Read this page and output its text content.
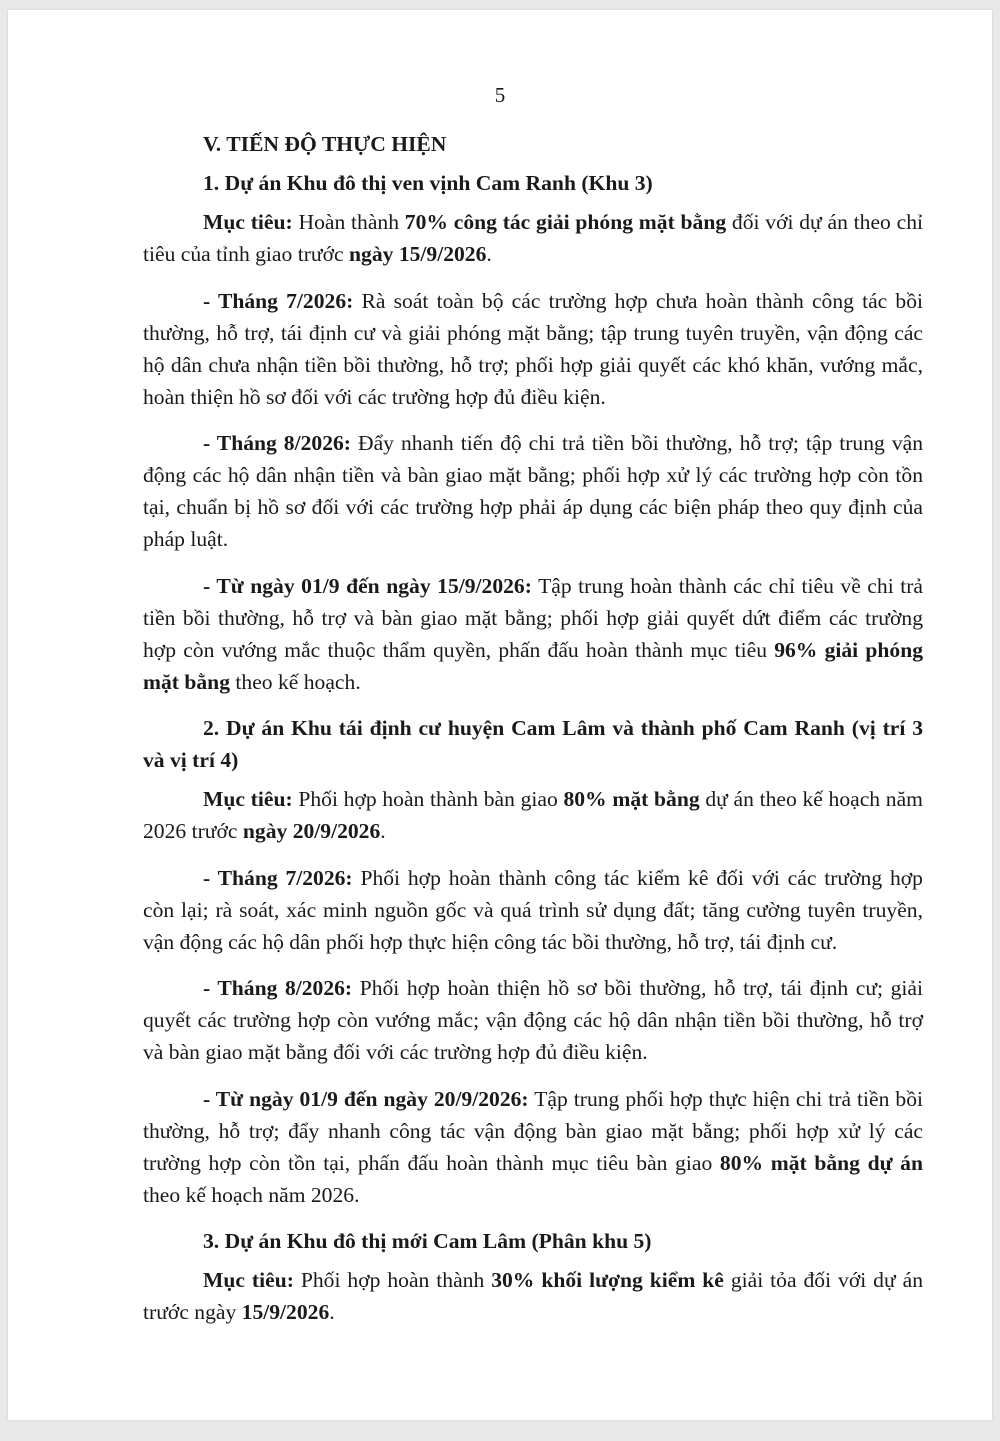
5

V. TIẾN ĐỘ THỰC HIỆN

1. Dự án Khu đô thị ven vịnh Cam Ranh (Khu 3)

Mục tiêu: Hoàn thành 70% công tác giải phóng mặt bằng đối với dự án theo chỉ tiêu của tỉnh giao trước ngày 15/9/2026.

- Tháng 7/2026: Rà soát toàn bộ các trường hợp chưa hoàn thành công tác bồi thường, hỗ trợ, tái định cư và giải phóng mặt bằng; tập trung tuyên truyền, vận động các hộ dân chưa nhận tiền bồi thường, hỗ trợ; phối hợp giải quyết các khó khăn, vướng mắc, hoàn thiện hồ sơ đối với các trường hợp đủ điều kiện.

- Tháng 8/2026: Đẩy nhanh tiến độ chi trả tiền bồi thường, hỗ trợ; tập trung vận động các hộ dân nhận tiền và bàn giao mặt bằng; phối hợp xử lý các trường hợp còn tồn tại, chuẩn bị hồ sơ đối với các trường hợp phải áp dụng các biện pháp theo quy định của pháp luật.

- Từ ngày 01/9 đến ngày 15/9/2026: Tập trung hoàn thành các chỉ tiêu về chi trả tiền bồi thường, hỗ trợ và bàn giao mặt bằng; phối hợp giải quyết dứt điểm các trường hợp còn vướng mắc thuộc thẩm quyền, phấn đấu hoàn thành mục tiêu 96% giải phóng mặt bằng theo kế hoạch.

2. Dự án Khu tái định cư huyện Cam Lâm và thành phố Cam Ranh (vị trí 3 và vị trí 4)

Mục tiêu: Phối hợp hoàn thành bàn giao 80% mặt bằng dự án theo kế hoạch năm 2026 trước ngày 20/9/2026.

- Tháng 7/2026: Phối hợp hoàn thành công tác kiểm kê đối với các trường hợp còn lại; rà soát, xác minh nguồn gốc và quá trình sử dụng đất; tăng cường tuyên truyền, vận động các hộ dân phối hợp thực hiện công tác bồi thường, hỗ trợ, tái định cư.

- Tháng 8/2026: Phối hợp hoàn thiện hồ sơ bồi thường, hỗ trợ, tái định cư; giải quyết các trường hợp còn vướng mắc; vận động các hộ dân nhận tiền bồi thường, hỗ trợ và bàn giao mặt bằng đối với các trường hợp đủ điều kiện.

- Từ ngày 01/9 đến ngày 20/9/2026: Tập trung phối hợp thực hiện chi trả tiền bồi thường, hỗ trợ; đẩy nhanh công tác vận động bàn giao mặt bằng; phối hợp xử lý các trường hợp còn tồn tại, phấn đấu hoàn thành mục tiêu bàn giao 80% mặt bằng dự án theo kế hoạch năm 2026.

3. Dự án Khu đô thị mới Cam Lâm (Phân khu 5)

Mục tiêu: Phối hợp hoàn thành 30% khối lượng kiểm kê giải tỏa đối với dự án trước ngày 15/9/2026.
